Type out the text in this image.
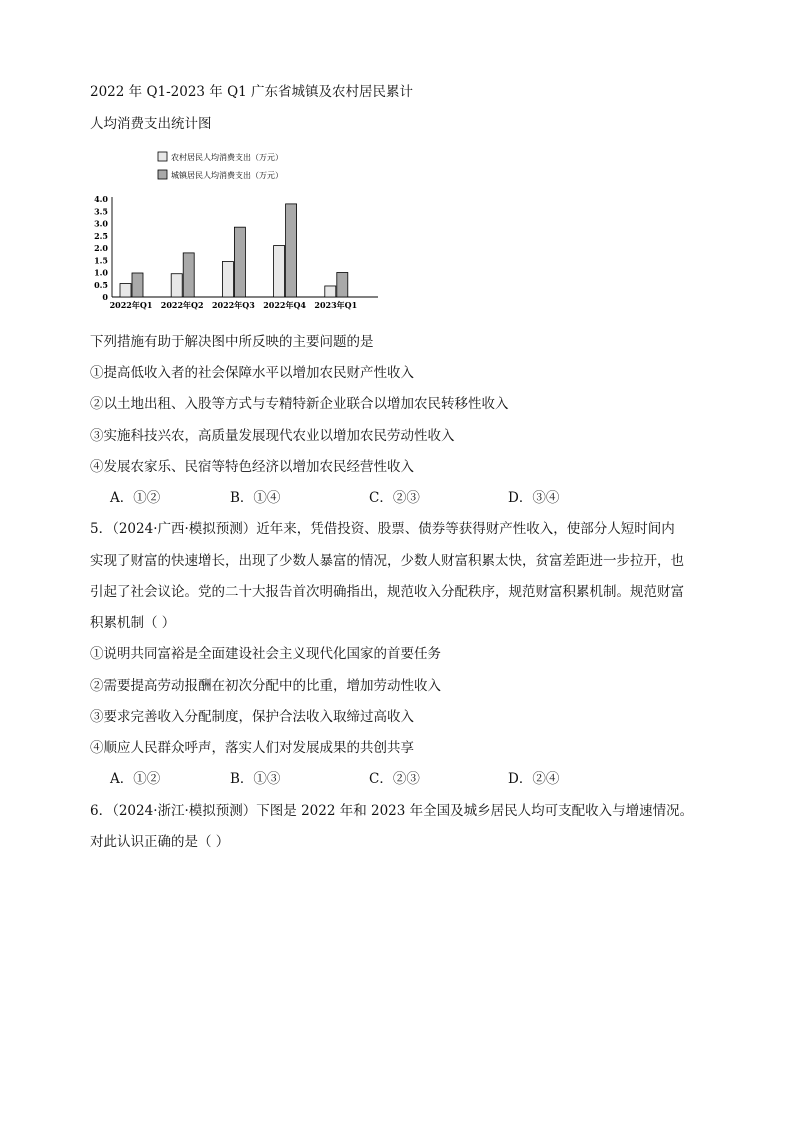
2022 年 Q1-2023 年 Q1 广东省城镇及农村居民累计
人均消费支出统计图
农村居民人均消费支出（万元）
城镇居民人均消费支出（万元）
0
0.5
1.0
1.5
2.0
2.5
3.0
3.5
4.0
2022年Q1 2022年Q2 2022年Q3 2022年Q4 2023年Q1
下列措施有助于解决图中所反映的主要问题的是
①提高低收入者的社会保障水平以增加农民财产性收入
②以土地出租、入股等方式与专精特新企业联合以增加农民转移性收入
③实施科技兴农，高质量发展现代农业以增加农民劳动性收入
④发展农家乐、民宿等特色经济以增加农民经营性收入
A．①②	B．①④	C．②③	D．③④
5．（2024·广西·模拟预测）近年来，凭借投资、股票、债券等获得财产性收入，使部分人短时间内
实现了财富的快速增长，出现了少数人暴富的情况，少数人财富积累太快，贫富差距进一步拉开，也
引起了社会议论。党的二十大报告首次明确指出，规范收入分配秩序，规范财富积累机制。规范财富
积累机制（ ）
①说明共同富裕是全面建设社会主义现代化国家的首要任务
②需要提高劳动报酬在初次分配中的比重，增加劳动性收入
③要求完善收入分配制度，保护合法收入取缔过高收入
④顺应人民群众呼声，落实人们对发展成果的共创共享
A．①②	B．①③	C．②③	D．②④
6．（2024·浙江·模拟预测）下图是 2022 年和 2023 年全国及城乡居民人均可支配收入与增速情况。
对此认识正确的是（ ）
